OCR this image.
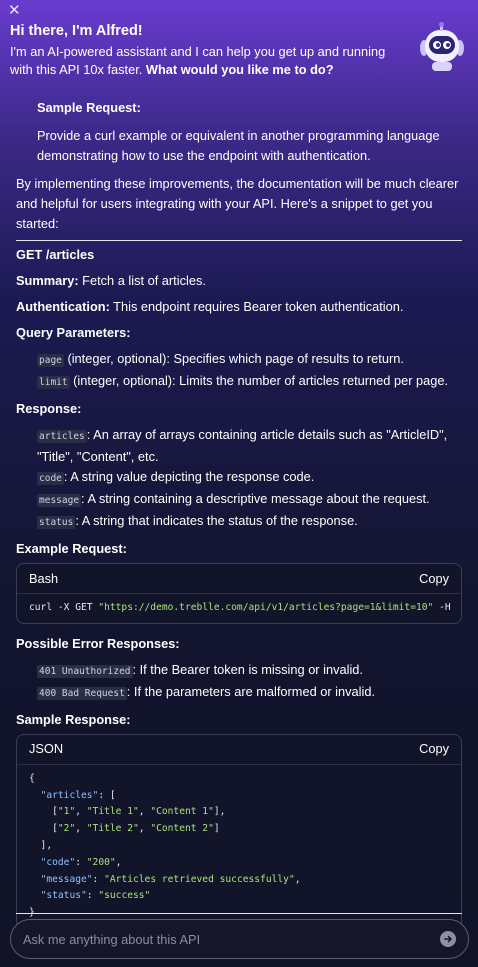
✕
Hi there, I'm Alfred!

I'm an AI-powered assistant and I can help you get up and running with this API 10x faster. What would you like me to do?

Sample Request:
Provide a curl example or equivalent in another programming language demonstrating how to use the endpoint with authentication.
By implementing these improvements, the documentation will be much clearer and helpful for users integrating with your API. Here's a snippet to get you started:
GET /articles
Summary: Fetch a list of articles.
Authentication: This endpoint requires Bearer token authentication.
Query Parameters:
page (integer, optional): Specifies which page of results to return.
limit (integer, optional): Limits the number of articles returned per page.
Response:
articles : An array of arrays containing article details such as "ArticleID", "Title", "Content", etc.
code : A string value depicting the response code.
message : A string containing a descriptive message about the request.
status : A string that indicates the status of the response.
Example Request:
Bash	Copy
curl -X GET "https://demo.treblle.com/api/v1/articles?page=1&limit=10" -H
Possible Error Responses:
401 Unauthorized : If the Bearer token is missing or invalid.
400 Bad Request : If the parameters are malformed or invalid.
Sample Response:
JSON	Copy
{
"articles": [
["1", "Title 1", "Content 1"],
["2", "Title 2", "Content 2"]
],
"code": "200",
"message": "Articles retrieved successfully",
"status": "success"
Ask me anything about this API
